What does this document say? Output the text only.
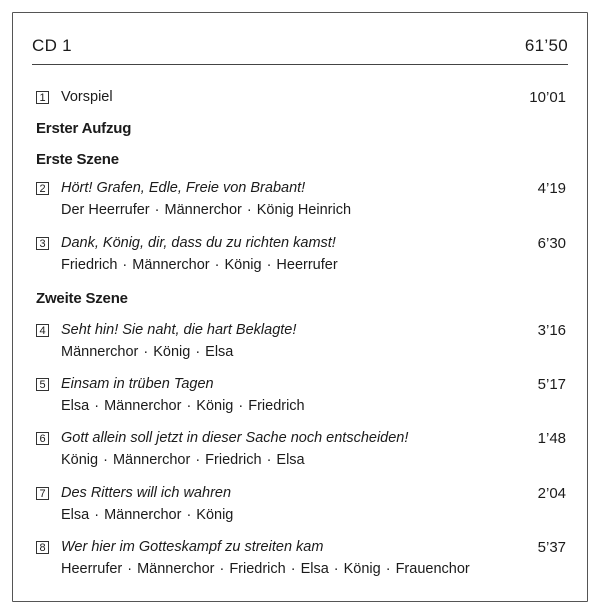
CD 1	61’50
1 Vorspiel	10’01
Erster Aufzug
Erste Szene
2 Hört! Grafen, Edle, Freie von Brabant!	4’19
Der Heerrufer · Männerchor · König Heinrich
3 Dank, König, dir, dass du zu richten kamst!	6’30
Friedrich · Männerchor · König · Heerrufer
Zweite Szene
4 Seht hin! Sie naht, die hart Beklagte!	3’16
Männerchor · König · Elsa
5 Einsam in trüben Tagen	5’17
Elsa · Männerchor · König · Friedrich
6 Gott allein soll jetzt in dieser Sache noch entscheiden!	1’48
König · Männerchor · Friedrich · Elsa
7 Des Ritters will ich wahren	2’04
Elsa · Männerchor · König
8 Wer hier im Gotteskampf zu streiten kam	5’37
Heerrufer · Männerchor · Friedrich · Elsa · König · Frauenchor
